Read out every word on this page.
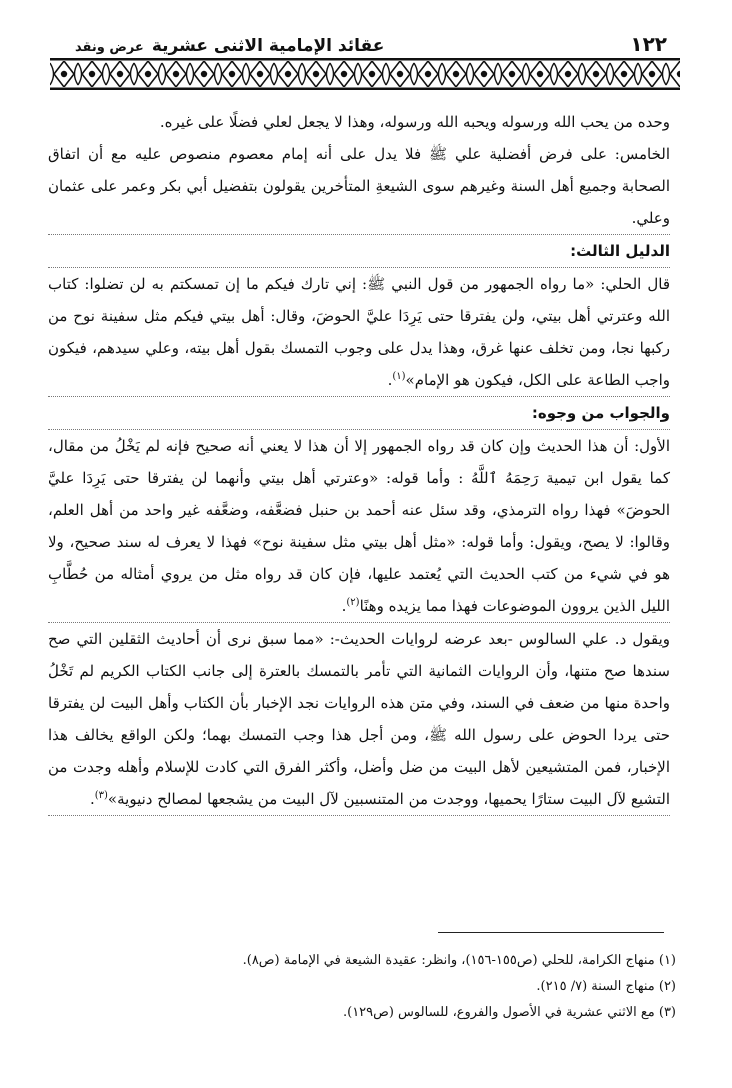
١٢٢
عقائد الإمامية الاثنى عشريةعرض ونقد

وحده من يحب الله ورسوله ويحبه الله ورسوله، وهذا لا يجعل لعلي فضلًا على غيره.

الخامس: على فرض أفضلية علي ﷺ فلا يدل على أنه إمام معصوم منصوص عليه مع أن اتفاق الصحابة وجميع أهل السنة وغيرهم سوى الشيعةِ المتأخرين يقولون بتفضيل أبي بكر وعمر على عثمان وعلي.

الدليل الثالث:

قال الحلي: «ما رواه الجمهور من قول النبي ﷺ: إني تارك فيكم ما إن تمسكتم به لن تضلوا: كتاب الله وعترتي أهل بيتي، ولن يفترقا حتى يَرِدَا عليَّ الحوضَ، وقال: أهل بيتي فيكم مثل سفينة نوح من ركبها نجا، ومن تخلف عنها غرق، وهذا يدل على وجوب التمسك بقول أهل بيته، وعلي سيدهم، فيكون واجب الطاعة على الكل، فيكون هو الإمام»$^{(١)}$.

والجواب من وجوه:

الأول: أن هذا الحديث وإن كان قد رواه الجمهور إلا أن هذا لا يعني أنه صحيح فإنه لم يَخْلُ من مقال، كما يقول ابن تيمية رَحِمَهُ ٱللَّهُ : وأما قوله: «وعترتي أهل بيتي وأنهما لن يفترقا حتى يَرِدَا عليَّ الحوضَ» فهذا رواه الترمذي، وقد سئل عنه أحمد بن حنبل فضعَّفه، وضعَّفه غير واحد من أهل العلم، وقالوا: لا يصح، ويقول: وأما قوله: «مثل أهل بيتي مثل سفينة نوح» فهذا لا يعرف له سند صحيح، ولا هو في شيء من كتب الحديث التي يُعتمد عليها، فإن كان قد رواه مثل من يروي أمثاله من حُطَّابِ الليل الذين يروون الموضوعات فهذا مما يزيده وهنًا$^{(٢)}$.

ويقول د. علي السالوس -بعد عرضه لروايات الحديث-: «مما سبق نرى أن أحاديث الثقلين التي صح سندها صح متنها، وأن الروايات الثمانية التي تأمر بالتمسك بالعترة إلى جانب الكتاب الكريم لم تَخْلُ واحدة منها من ضعف في السند، وفي متن هذه الروايات نجد الإخبار بأن الكتاب وأهل البيت لن يفترقا حتى يردا الحوض على رسول الله ﷺ، ومن أجل هذا وجب التمسك بهما؛ ولكن الواقع يخالف هذا الإخبار، فمن المتشيعين لأهل البيت من ضل وأضل، وأكثر الفرق التي كادت للإسلام وأهله وجدت من التشيع لآل البيت ستارًا يحميها، ووجدت من المتنسبين لآل البيت من يشجعها لمصالح دنيوية»$^{(٣)}$.

(١) منهاج الكرامة، للحلي (ص١٥٥-١٥٦)، وانظر: عقيدة الشيعة في الإمامة (ص٨).

(٢) منهاج السنة (٧/ ٢١٥).

(٣) مع الاثني عشرية في الأصول والفروع، للسالوس (ص١٢٩).
